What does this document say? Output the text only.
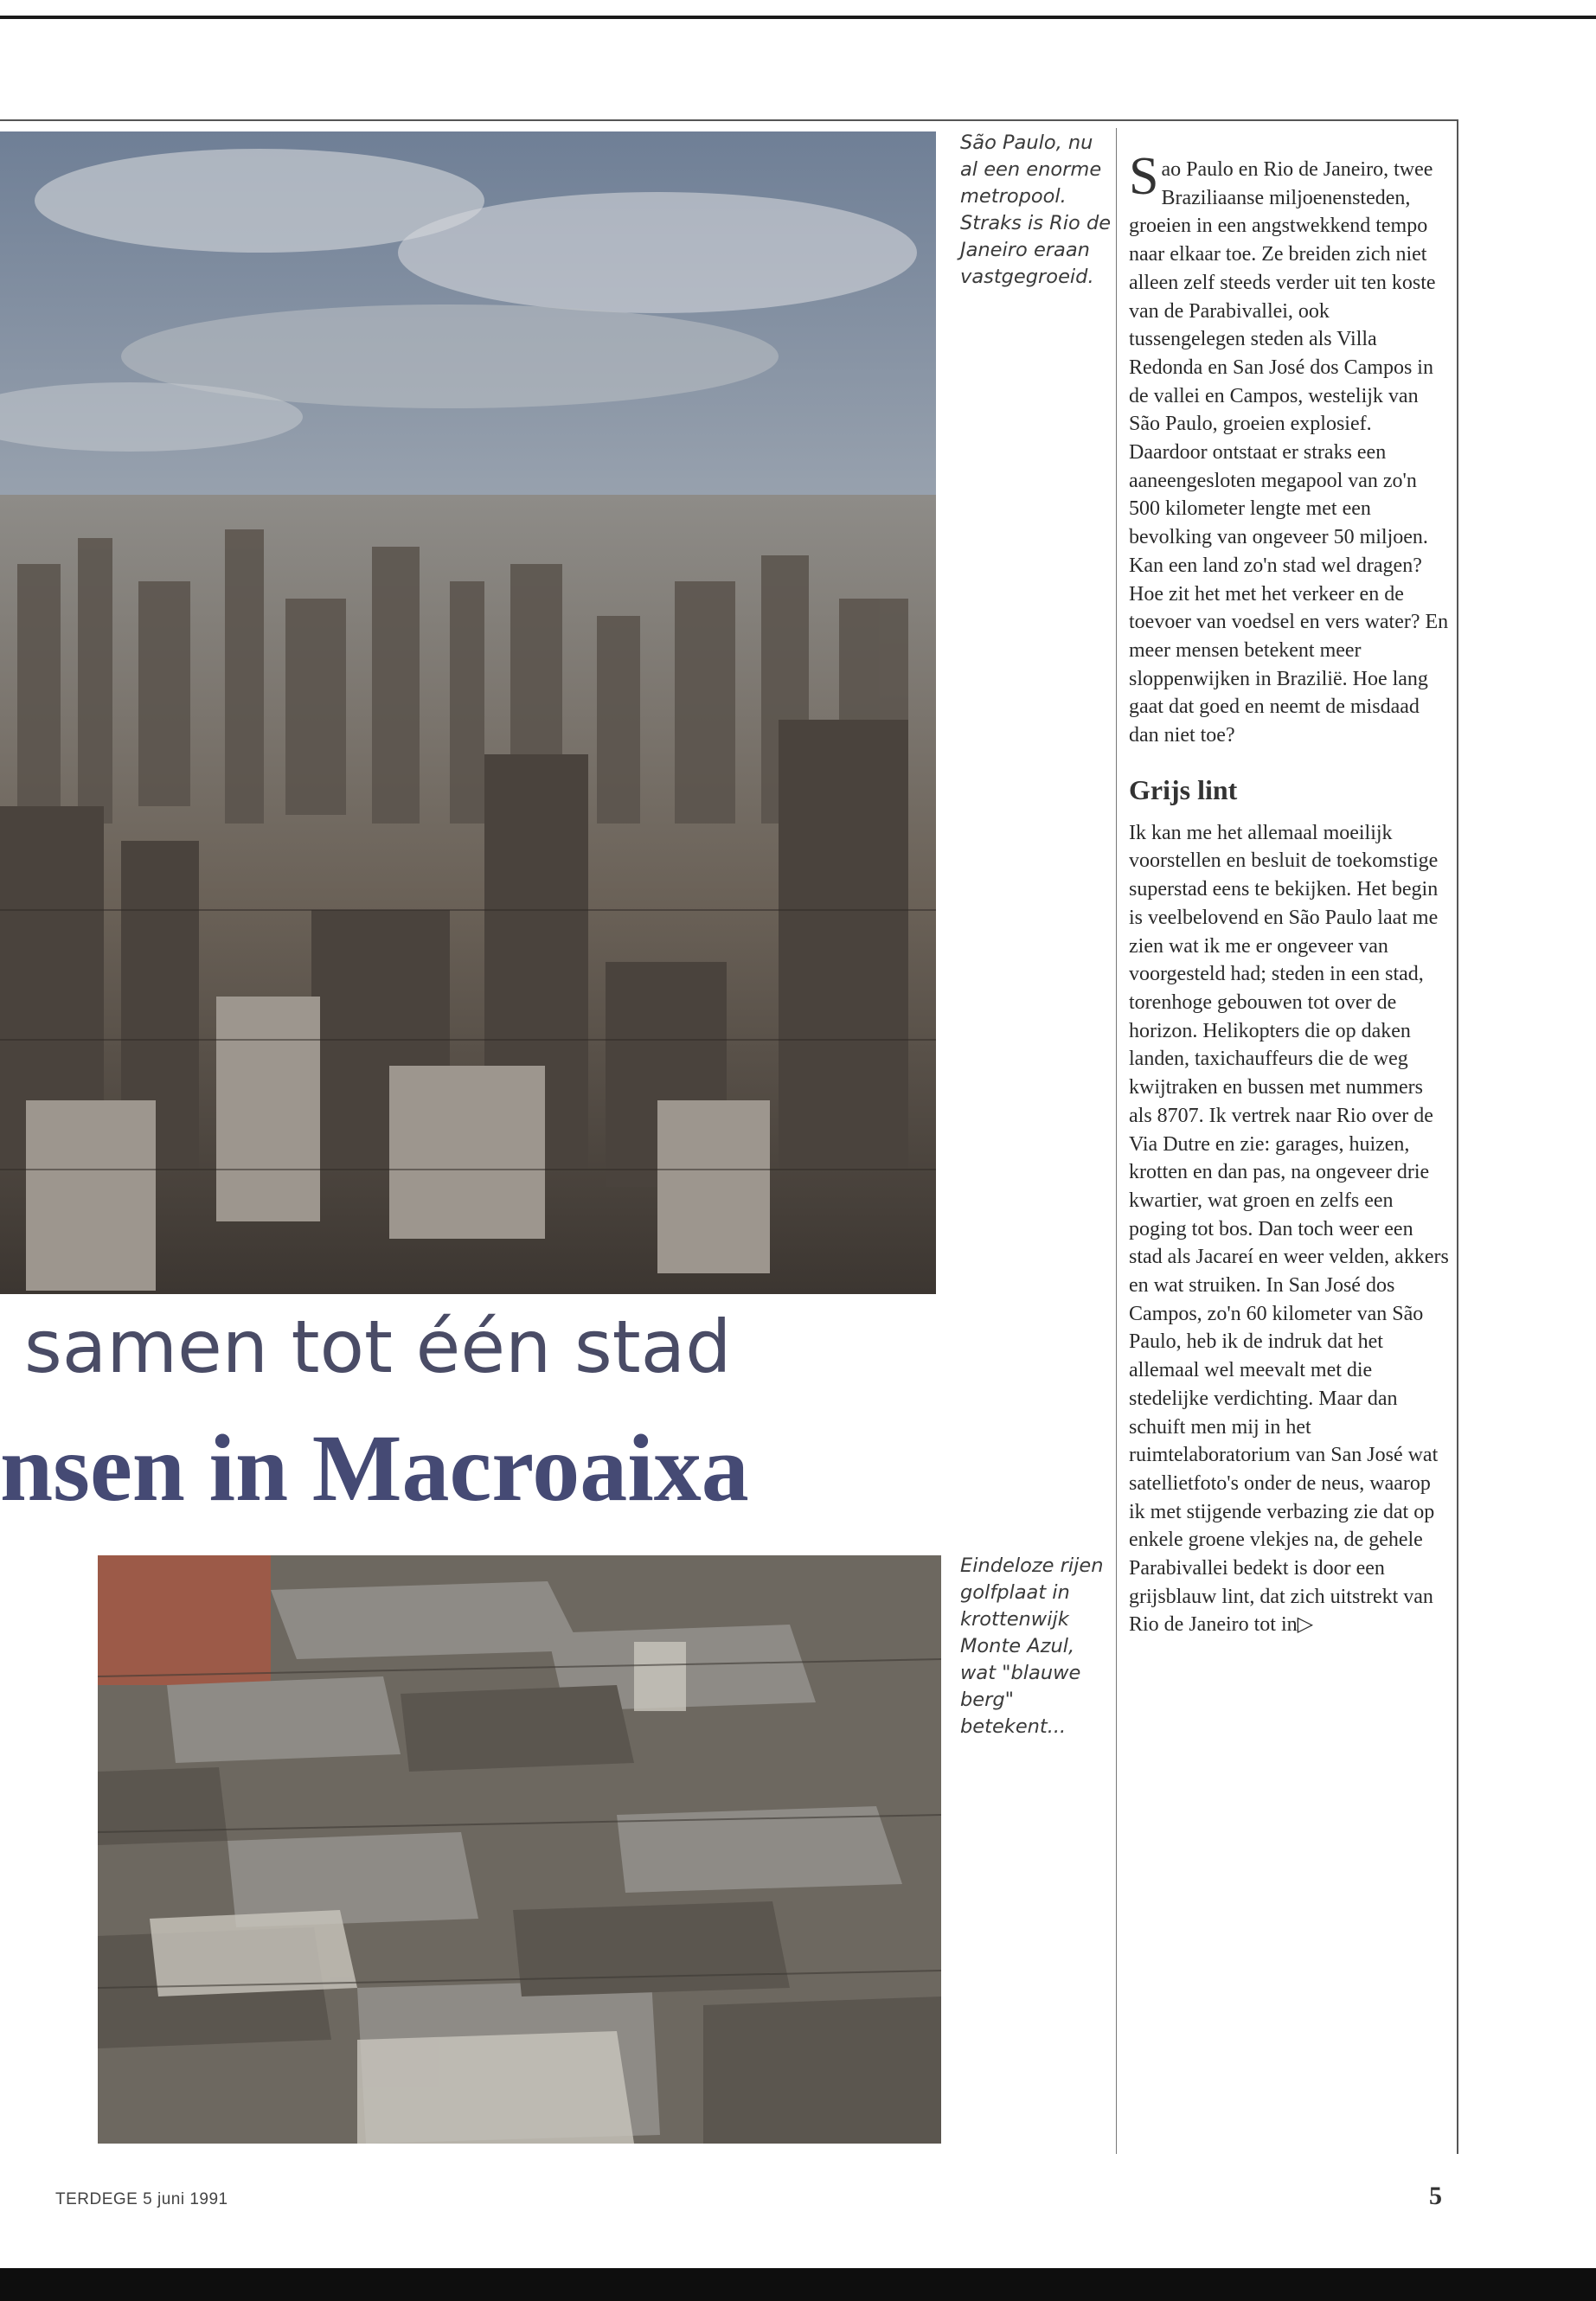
São Paulo, nu al een enorme metropool. Straks is Rio de Janeiro eraan vastgegroeid.
Eindeloze rijen golfplaat in krottenwijk Monte Azul, wat "blauwe berg" betekent...
samen tot één stad
nsen in Macroaixa

Sao Paulo en Rio de Janeiro, twee Braziliaanse miljoenensteden, groeien in een angstwekkend tempo naar elkaar toe. Ze breiden zich niet alleen zelf steeds verder uit ten koste van de Parabivallei, ook tussengelegen steden als Villa Redonda en San José dos Campos in de vallei en Campos, westelijk van São Paulo, groeien explosief. Daardoor ontstaat er straks een aaneengesloten megapool van zo'n 500 kilometer lengte met een bevolking van ongeveer 50 miljoen.

Kan een land zo'n stad wel dragen? Hoe zit het met het verkeer en de toevoer van voedsel en vers water? En meer mensen betekent meer sloppenwijken in Brazilië. Hoe lang gaat dat goed en neemt de misdaad dan niet toe?

Grijs lint

Ik kan me het allemaal moeilijk voorstellen en besluit de toekomstige superstad eens te bekijken. Het begin is veelbelovend en São Paulo laat me zien wat ik me er ongeveer van voorgesteld had; steden in een stad, torenhoge gebouwen tot over de horizon. Helikopters die op daken landen, taxichauffeurs die de weg kwijtraken en bussen met nummers als 8707. Ik vertrek naar Rio over de Via Dutre en zie: garages, huizen, krotten en dan pas, na ongeveer drie kwartier, wat groen en zelfs een poging tot bos. Dan toch weer een stad als Jacareí en weer velden, akkers en wat struiken. In San José dos Campos, zo'n 60 kilometer van São Paulo, heb ik de indruk dat het allemaal wel meevalt met die stedelijke verdichting. Maar dan schuift men mij in het ruimtelaboratorium van San José wat satellietfoto's onder de neus, waarop ik met stijgende verbazing zie dat op enkele groene vlekjes na, de gehele Parabivallei bedekt is door een grijsblauw lint, dat zich uitstrekt van Rio de Janeiro tot in▷

TERDEGE 5 juni 1991	5
